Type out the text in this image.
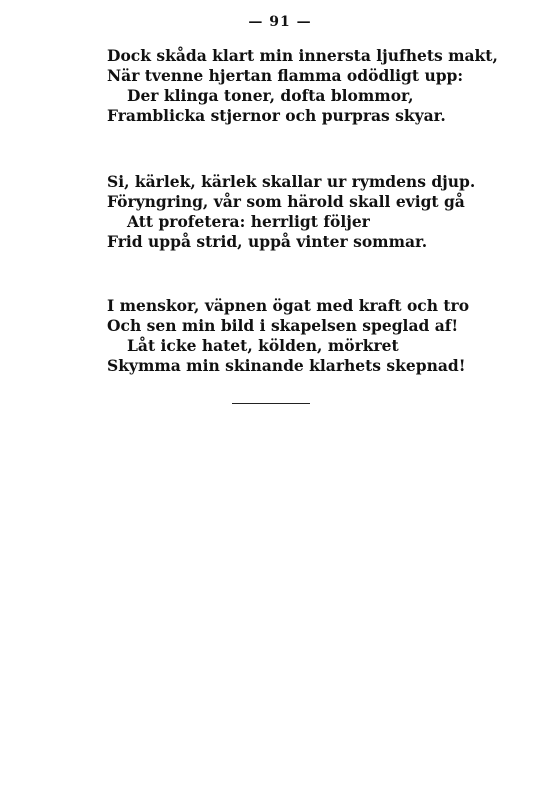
— 91 —
Dock skåda klart min innersta ljufhets makt,
När tvenne hjertan flamma odödligt upp:
Der klinga toner, dofta blommor,
Framblicka stjernor och purpras skyar.
Si, kärlek, kärlek skallar ur rymdens djup.
Föryngring, vår som härold skall evigt gå
Att profetera: herrligt följer
Frid uppå strid, uppå vinter sommar.
I menskor, väpnen ögat med kraft och tro
Och sen min bild i skapelsen speglad af!
Låt icke hatet, kölden, mörkret
Skymma min skinande klarhets skepnad!
